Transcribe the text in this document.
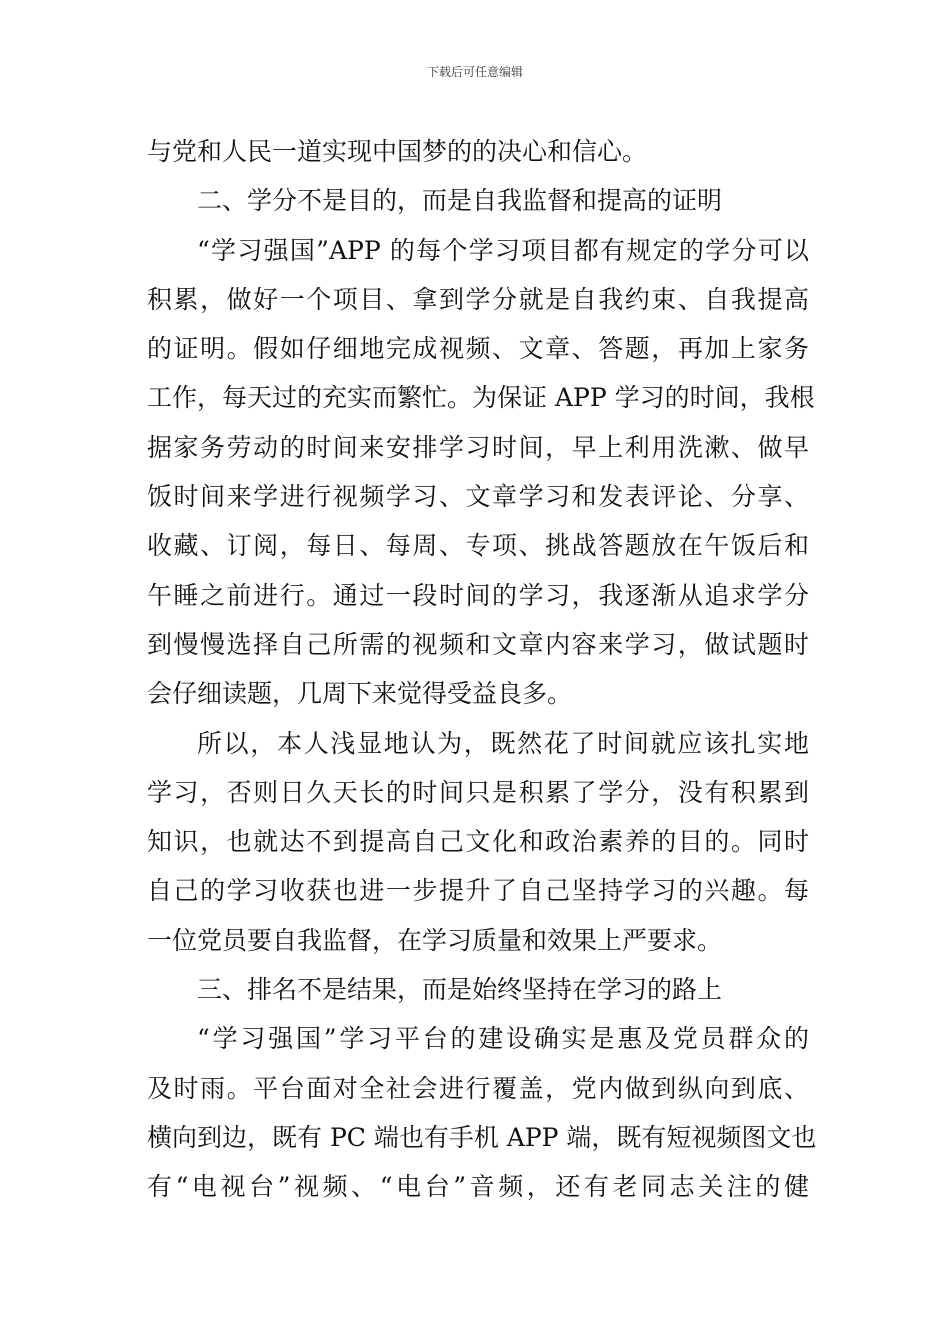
下载后可任意编辑
与党和人民一道实现中国梦的的决心和信心。
二、学分不是目的，而是自我监督和提高的证明
“学习强国”APP 的每个学习项目都有规定的学分可以
积累，做好一个项目、拿到学分就是自我约束、自我提高
的证明。假如仔细地完成视频、文章、答题，再加上家务
工作，每天过的充实而繁忙。为保证 APP 学习的时间，我根
据家务劳动的时间来安排学习时间，早上利用洗漱、做早
饭时间来学进行视频学习、文章学习和发表评论、分享、
收藏、订阅，每日、每周、专项、挑战答题放在午饭后和
午睡之前进行。通过一段时间的学习，我逐渐从追求学分
到慢慢选择自己所需的视频和文章内容来学习，做试题时
会仔细读题，几周下来觉得受益良多。
所以，本人浅显地认为，既然花了时间就应该扎实地
学习，否则日久天长的时间只是积累了学分，没有积累到
知识，也就达不到提高自己文化和政治素养的目的。同时
自己的学习收获也进一步提升了自己坚持学习的兴趣。每
一位党员要自我监督，在学习质量和效果上严要求。
三、排名不是结果，而是始终坚持在学习的路上
“学习强国”学习平台的建设确实是惠及党员群众的
及时雨。平台面对全社会进行覆盖，党内做到纵向到底、
横向到边，既有 PC 端也有手机 APP 端，既有短视频图文也
有“电视台”视频、“电台”音频，还有老同志关注的健
